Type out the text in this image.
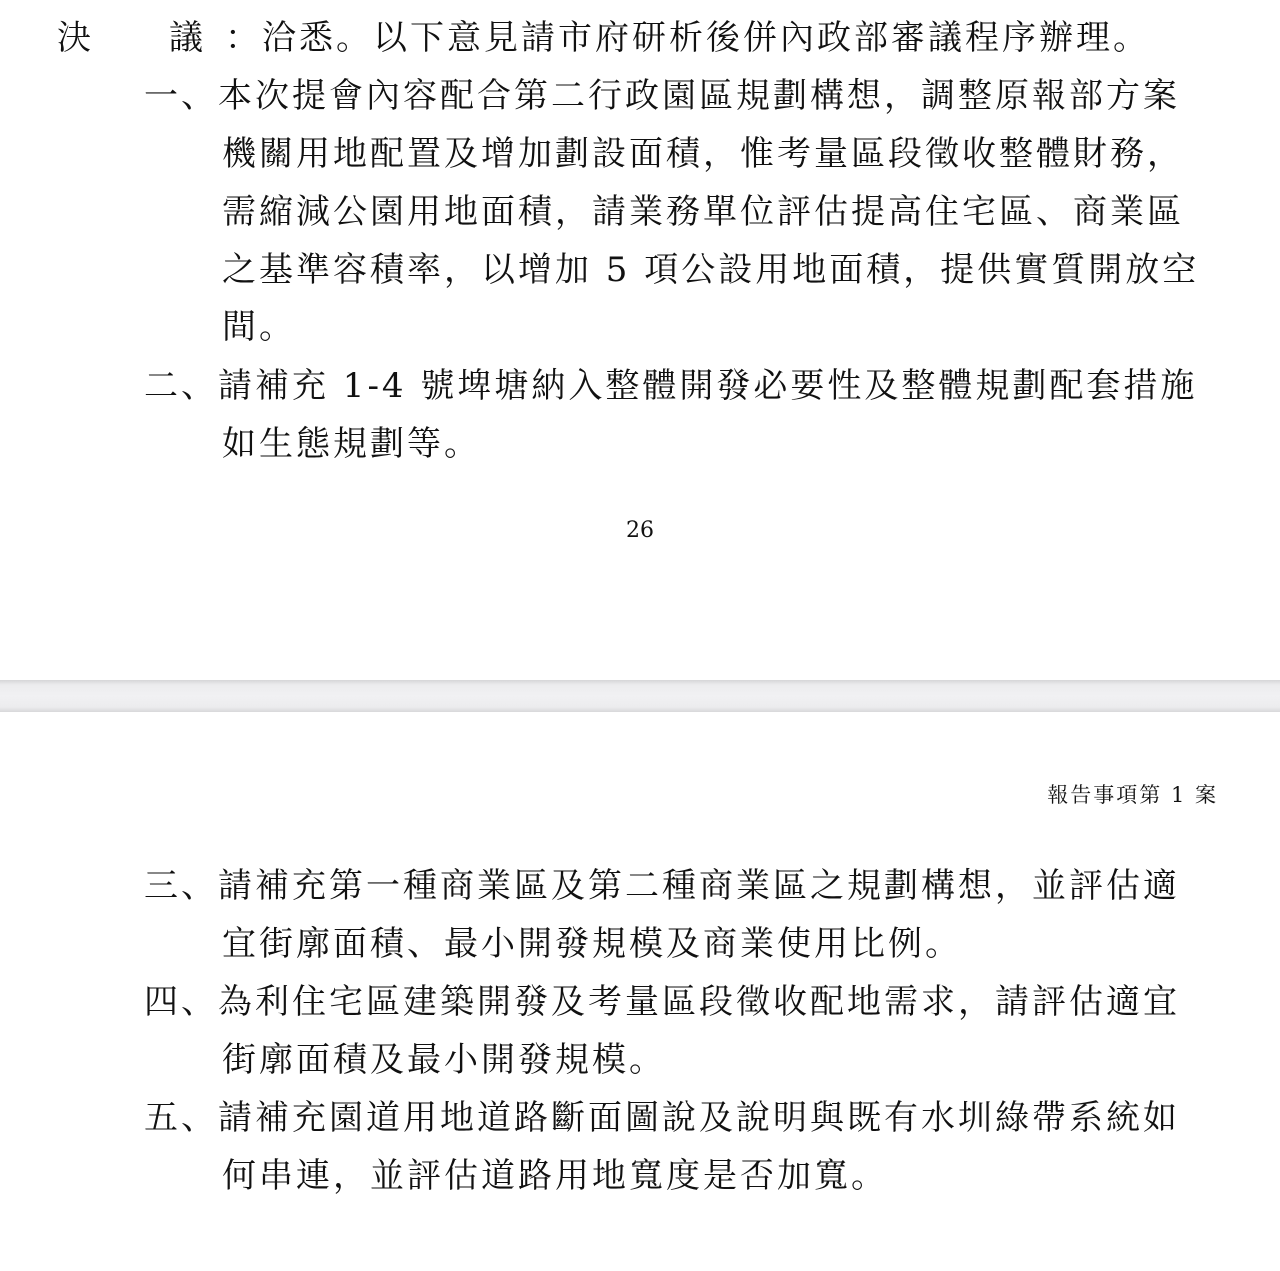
決 議 ：洽悉。以下意見請市府研析後併內政部審議程序辦理。
一、本次提會內容配合第二行政園區規劃構想，調整原報部方案
機關用地配置及增加劃設面積，惟考量區段徵收整體財務，
需縮減公園用地面積，請業務單位評估提高住宅區、商業區
之基準容積率，以增加 5 項公設用地面積，提供實質開放空
間。
二、請補充 1-4 號埤塘納入整體開發必要性及整體規劃配套措施
如生態規劃等。
26
報告事項第 1 案
三、請補充第一種商業區及第二種商業區之規劃構想，並評估適
宜街廓面積、最小開發規模及商業使用比例。
四、為利住宅區建築開發及考量區段徵收配地需求，請評估適宜
街廓面積及最小開發規模。
五、請補充園道用地道路斷面圖說及說明與既有水圳綠帶系統如
何串連，並評估道路用地寬度是否加寬。
